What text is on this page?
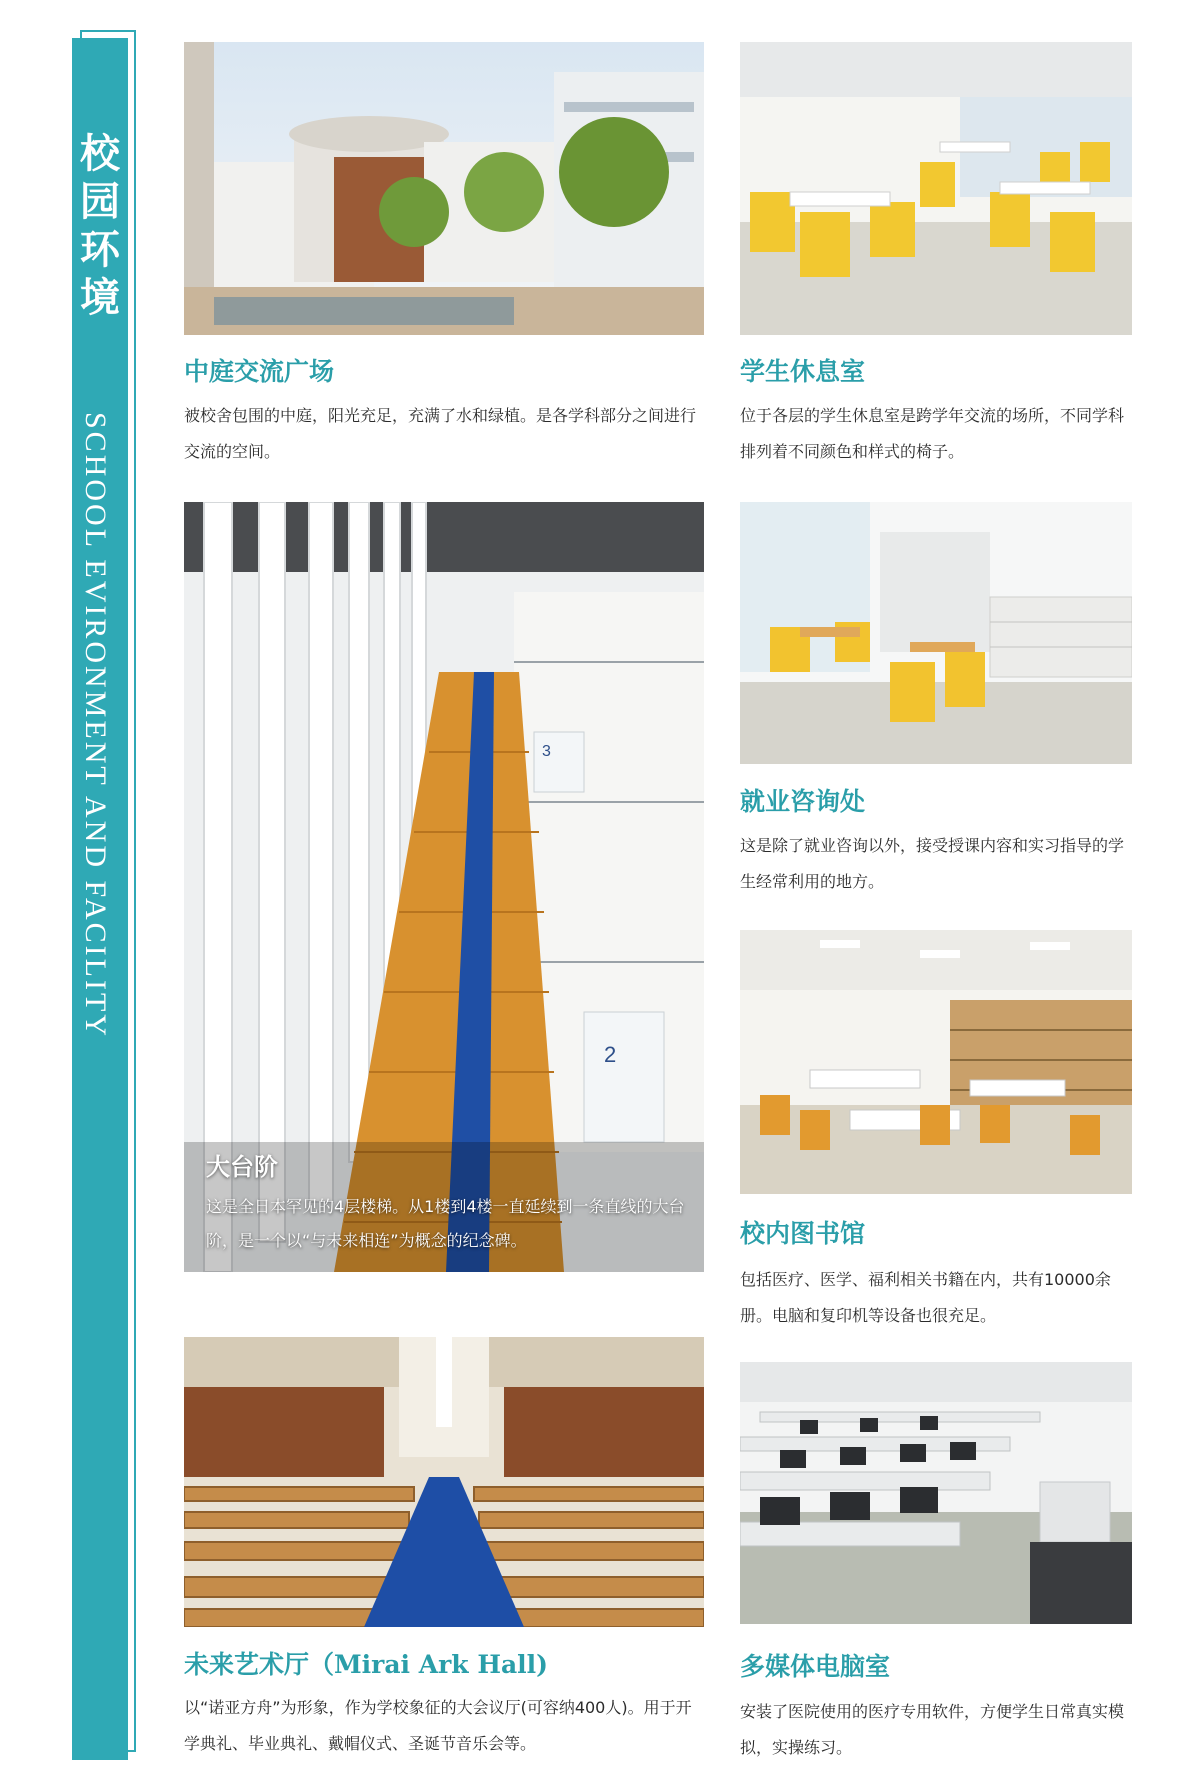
校
园
环
境
SCHOOL EVIRONMENT AND FACILITY
中庭交流广场
被校舍包围的中庭，阳光充足，充满了水和绿植。是各学科部分之间进行交流的空间。
学生休息室
位于各层的学生休息室是跨学年交流的场所，不同学科排列着不同颜色和样式的椅子。
2
3
大台阶
这是全日本罕见的4层楼梯。从1楼到4楼一直延续到一条直线的大台阶，是一个以“与未来相连”为概念的纪念碑。
就业咨询处
这是除了就业咨询以外，接受授课内容和实习指导的学生经常利用的地方。
校内图书馆
包括医疗、医学、福利相关书籍在内，共有10000余册。电脑和复印机等设备也很充足。
未来艺术厅（Mirai Ark Hall)
以“诺亚方舟”为形象，作为学校象征的大会议厅(可容纳400人)。用于开学典礼、毕业典礼、戴帽仪式、圣诞节音乐会等。
多媒体电脑室
安装了医院使用的医疗专用软件，方便学生日常真实模拟，实操练习。
